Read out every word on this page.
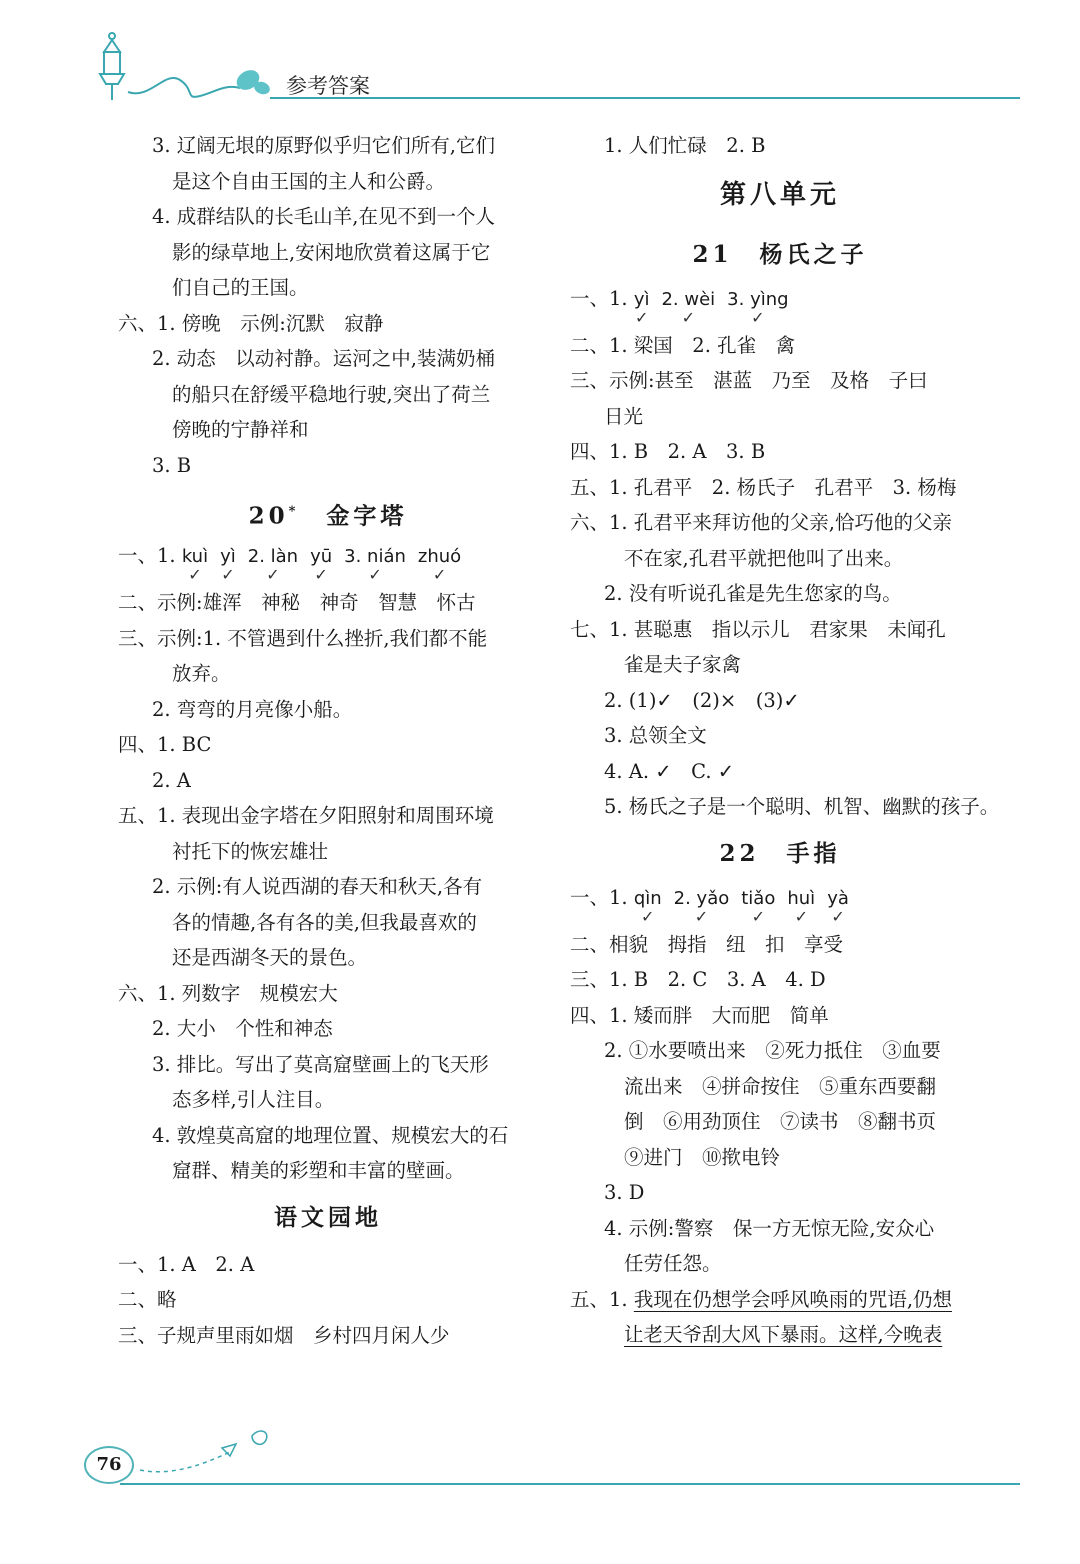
参考答案
3. 辽阔无垠的原野似乎归它们所有,它们
是这个自由王国的主人和公爵。
4. 成群结队的长毛山羊,在见不到一个人
影的绿草地上,安闲地欣赏着这属于它
们自己的王国。
六、1. 傍晚　示例:沉默　寂静
2. 动态　以动衬静。运河之中,装满奶桶
的船只在舒缓平稳地行驶,突出了荷兰
傍晚的宁静祥和
3. B
20*  金字塔
一、1. kuì
✓
yì
✓
2. làn
✓
yū
✓
3. nián
✓
zhuó
✓
二、示例:雄浑　神秘　神奇　智慧　怀古
三、示例:1. 不管遇到什么挫折,我们都不能
放弃。
2. 弯弯的月亮像小船。
四、1. BC
2. A
五、1. 表现出金字塔在夕阳照射和周围环境
衬托下的恢宏雄壮
2. 示例:有人说西湖的春天和秋天,各有
各的情趣,各有各的美,但我最喜欢的
还是西湖冬天的景色。
六、1. 列数字　规模宏大
2. 大小　个性和神态
3. 排比。写出了莫高窟壁画上的飞天形
态多样,引人注目。
4. 敦煌莫高窟的地理位置、规模宏大的石
窟群、精美的彩塑和丰富的壁画。
语文园地
一、1. A　2. A
二、略
三、子规声里雨如烟　乡村四月闲人少
1. 人们忙碌　2. B
第八单元
21  杨氏之子
一、1. yì
✓
2. wèi
✓
3. yìng
✓
二、1. 梁国　2. 孔雀　禽
三、示例:甚至　湛蓝　乃至　及格　子曰
日光
四、1. B　2. A　3. B
五、1. 孔君平　2. 杨氏子　孔君平　3. 杨梅
六、1. 孔君平来拜访他的父亲,恰巧他的父亲
不在家,孔君平就把他叫了出来。
2. 没有听说孔雀是先生您家的鸟。
七、1. 甚聪惠　指以示儿　君家果　未闻孔
雀是夫子家禽
2. (1)✓　(2)×　(3)✓
3. 总领全文
4. A. ✓　C. ✓
5. 杨氏之子是一个聪明、机智、幽默的孩子。
22  手指
一、1. qìn
✓
2. yǎo
✓
tiǎo
✓
huì
✓
yà
✓
二、相貌　拇指　纽　扣　享受
三、1. B　2. C　3. A　4. D
四、1. 矮而胖　大而肥　简单
2. ①水要喷出来　②死力抵住　③血要
流出来　④拼命按住　⑤重东西要翻
倒　⑥用劲顶住　⑦读书　⑧翻书页
⑨进门　⑩揿电铃
3. D
4. 示例:警察　保一方无惊无险,安众心
任劳任怨。
五、1. 我现在仍想学会呼风唤雨的咒语,仍想
让老天爷刮大风下暴雨。这样,今晚表
76
